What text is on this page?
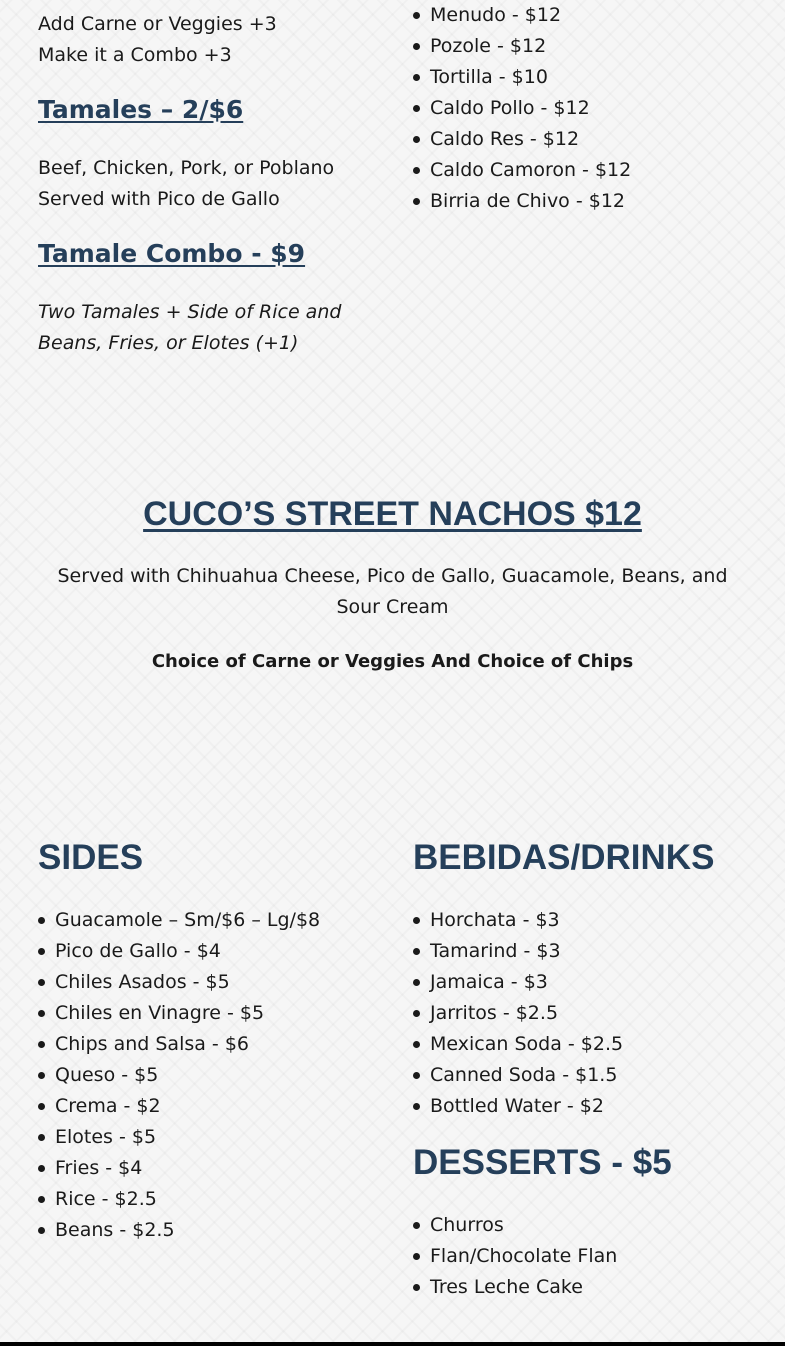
Add Carne or Veggies +3
Make it a Combo +3
Tamales – 2/$6
Beef, Chicken, Pork, or Poblano
Served with Pico de Gallo
Tamale Combo - $9
Two Tamales + Side of Rice and
Beans, Fries, or Elotes (+1)
Menudo - $12
Pozole - $12
Tortilla - $10
Caldo Pollo - $12
Caldo Res - $12
Caldo Camoron - $12
Birria de Chivo - $12
CUCO’S STREET NACHOS $12
Served with Chihuahua Cheese, Pico de Gallo, Guacamole, Beans, and Sour Cream
Choice of Carne or Veggies And Choice of Chips
SIDES
Guacamole – Sm/$6 – Lg/$8
Pico de Gallo - $4
Chiles Asados - $5
Chiles en Vinagre - $5
Chips and Salsa - $6
Queso - $5
Crema - $2
Elotes - $5
Fries - $4
Rice - $2.5
Beans - $2.5
BEBIDAS/DRINKS
Horchata - $3
Tamarind - $3
Jamaica - $3
Jarritos - $2.5
Mexican Soda - $2.5
Canned Soda - $1.5
Bottled Water - $2
DESSERTS - $5
Churros
Flan/Chocolate Flan
Tres Leche Cake
